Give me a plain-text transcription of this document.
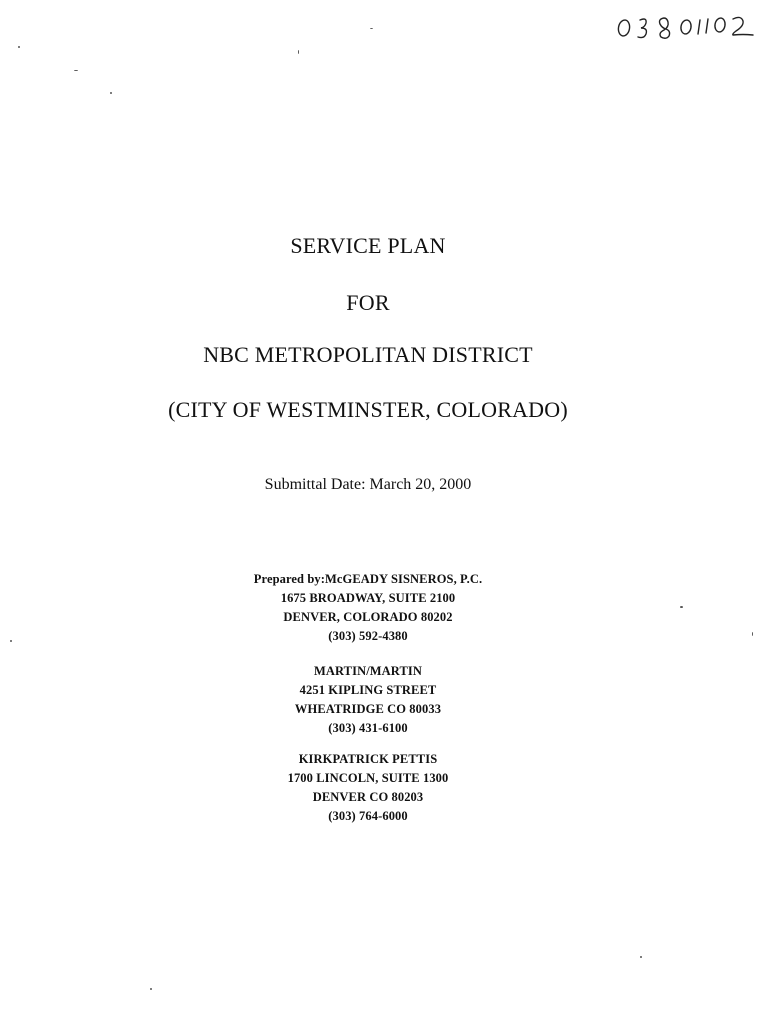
SERVICE PLAN
FOR
NBC METROPOLITAN DISTRICT
(CITY OF WESTMINSTER, COLORADO)
Submittal Date: March 20, 2000
Prepared by:McGEADY SISNEROS, P.C.
1675 BROADWAY, SUITE 2100
DENVER, COLORADO 80202
(303) 592-4380
MARTIN/MARTIN
4251 KIPLING STREET
WHEATRIDGE CO 80033
(303) 431-6100
KIRKPATRICK PETTIS
1700 LINCOLN, SUITE 1300
DENVER CO 80203
(303) 764-6000
